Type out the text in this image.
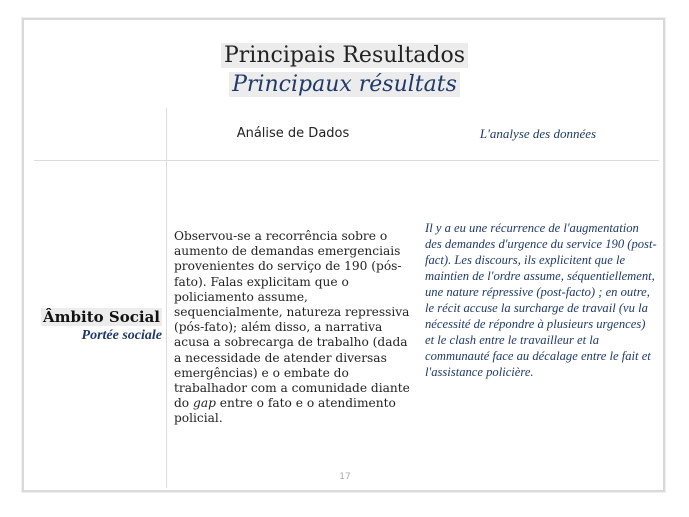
Principais Resultados
Principaux résultats
Análise de Dados	L'analyse des données
Âmbito Social
Portée sociale
Observou-se a recorrência sobre o aumento de demandas emergenciais provenientes do serviço de 190 (pós-fato). Falas explicitam que o policiamento assume, sequencialmente, natureza repressiva (pós-fato); além disso, a narrativa acusa a sobrecarga de trabalho (dada a necessidade de atender diversas emergências) e o embate do trabalhador com a comunidade diante do gap entre o fato e o atendimento policial.
Il y a eu une récurrence de l'augmentation des demandes d'urgence du service 190 (post-fact). Les discours, ils explicitent que le maintien de l'ordre assume, séquentiellement, une nature répressive (post-facto) ; en outre, le récit accuse la surcharge de travail (vu la nécessité de répondre à plusieurs urgences) et le clash entre le travailleur et la communauté face au décalage entre le fait et l'assistance policière.
17
